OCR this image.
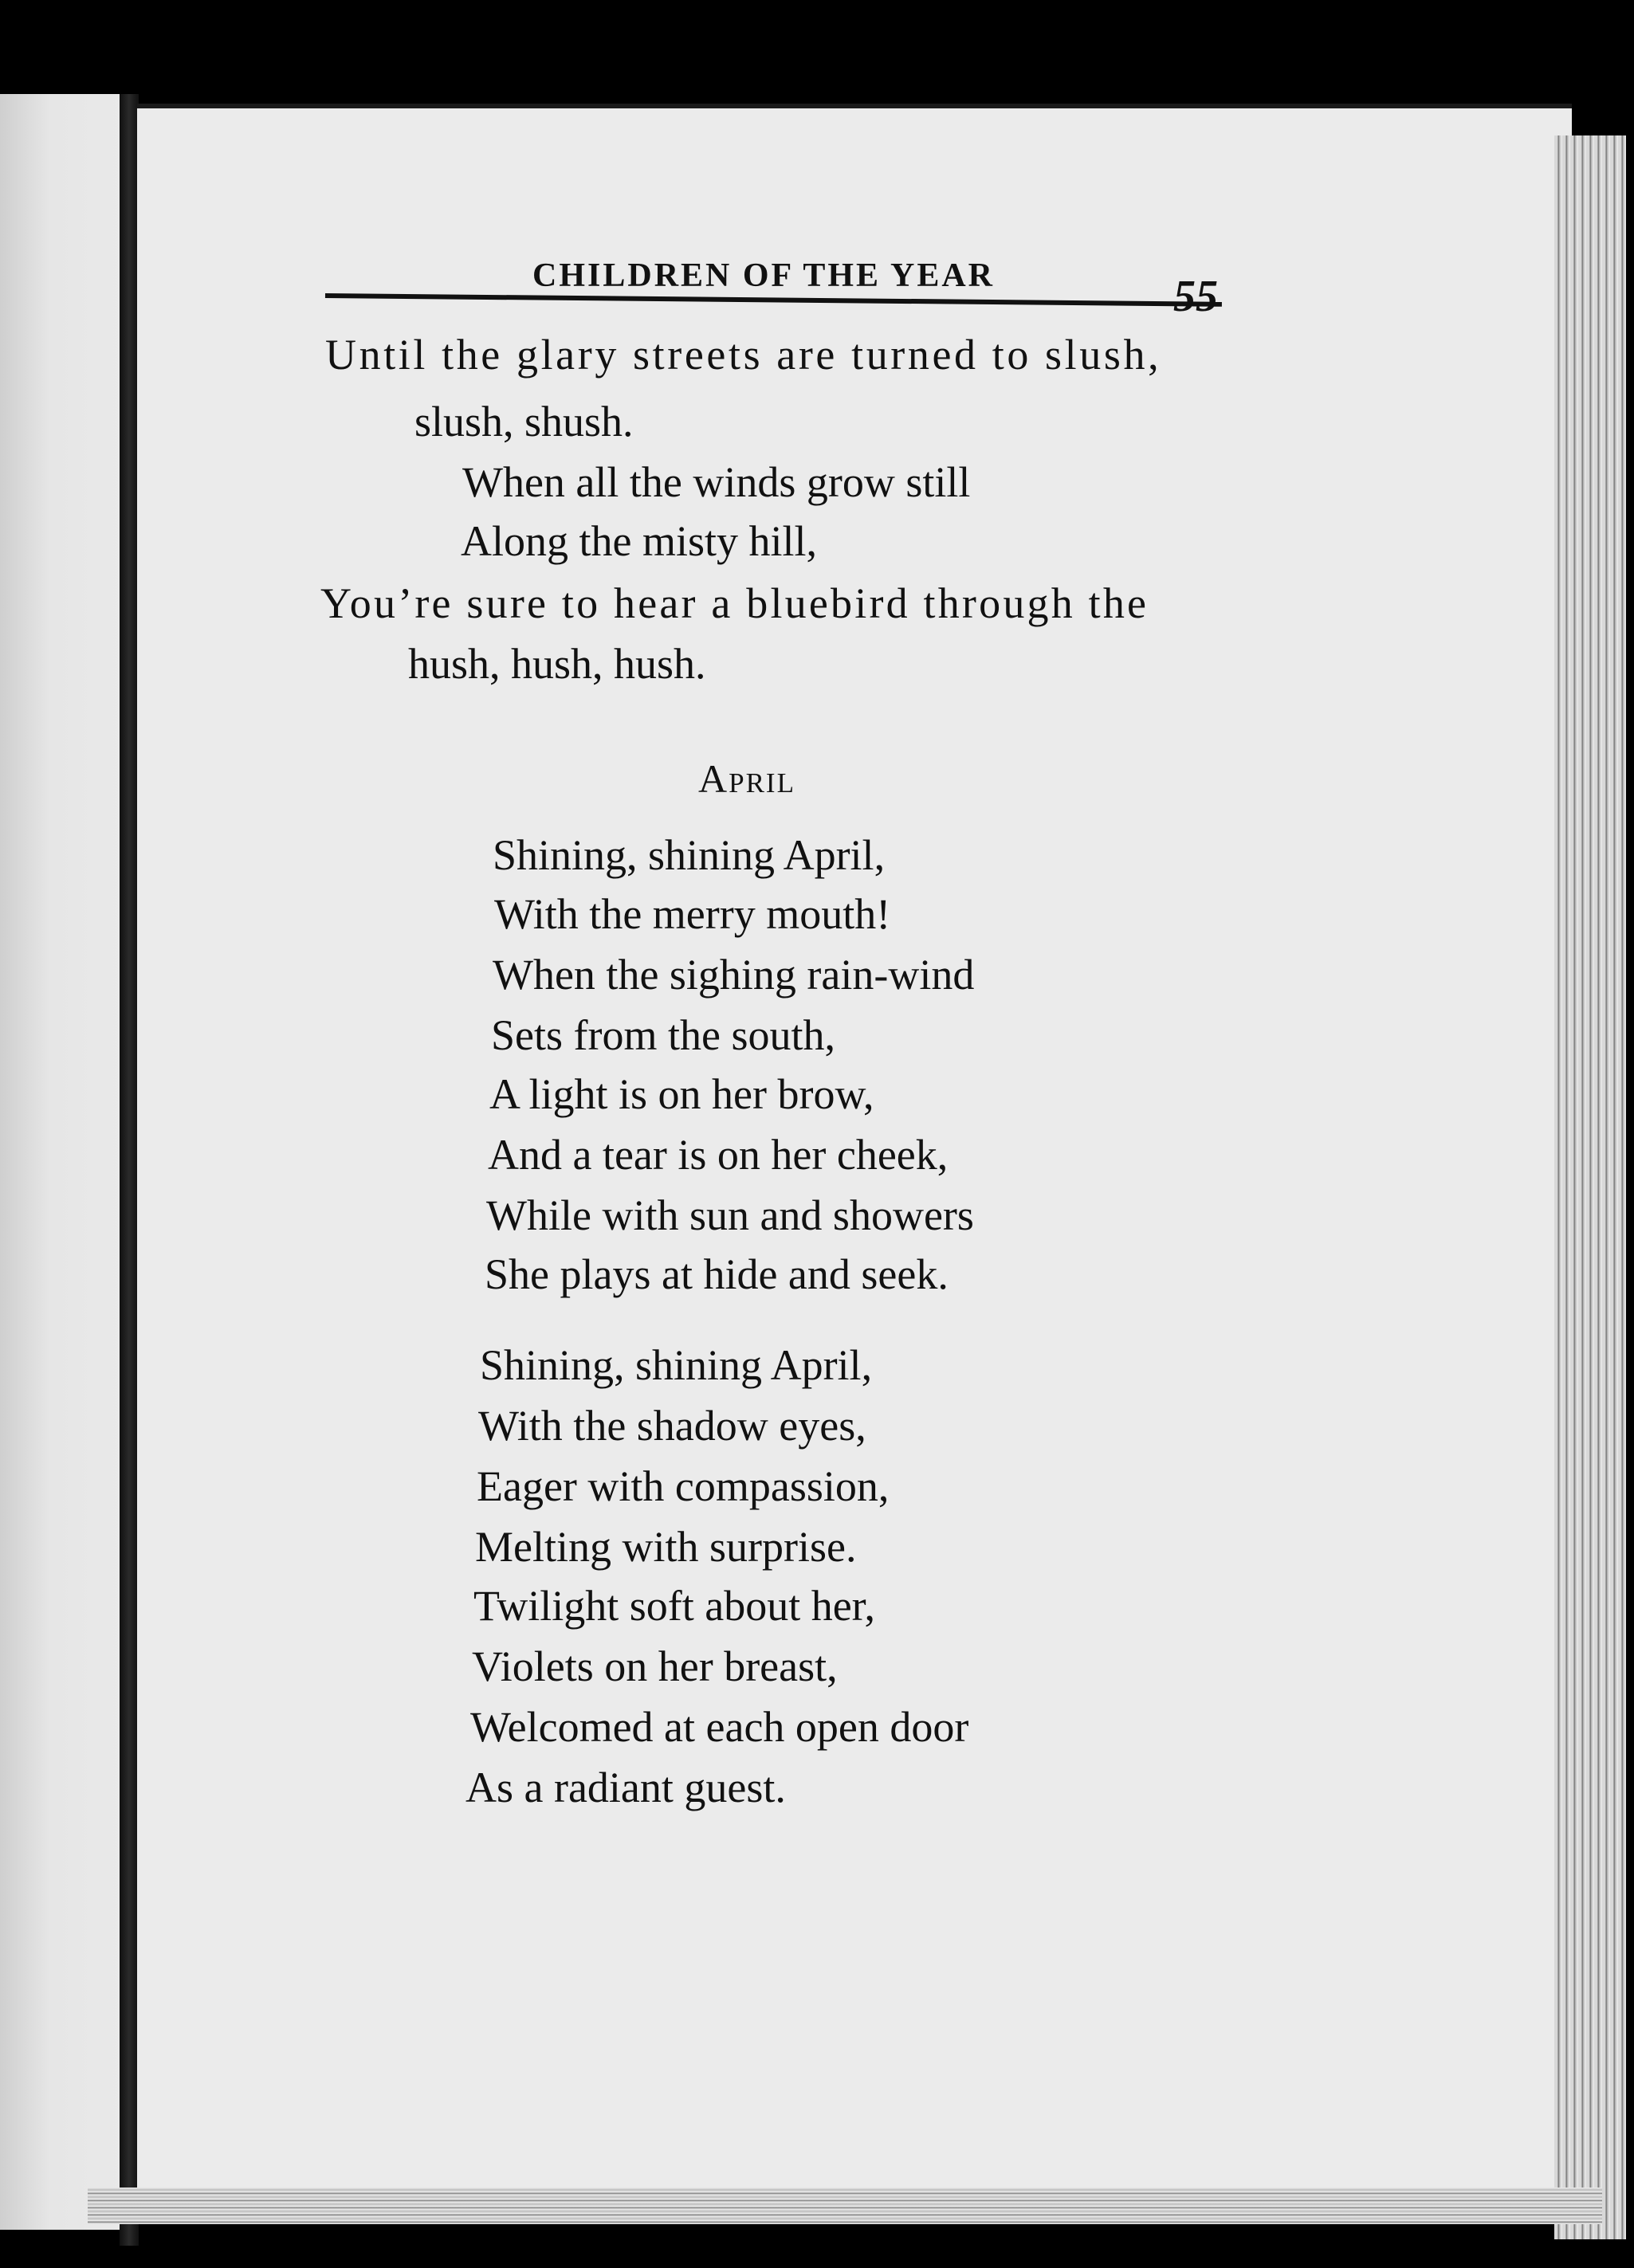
CHILDREN OF THE YEAR	55

Until the glary streets are turned to slush,

slush, shush.

When all the winds grow still

Along the misty hill,

You’re sure to hear a bluebird through the

hush, hush, hush.

April

Shining, shining April,

With the merry mouth!

When the sighing rain-wind

Sets from the south,

A light is on her brow,

And a tear is on her cheek,

While with sun and showers

She plays at hide and seek.

Shining, shining April,

With the shadow eyes,

Eager with compassion,

Melting with surprise.

Twilight soft about her,

Violets on her breast,

Welcomed at each open door

As a radiant guest.
